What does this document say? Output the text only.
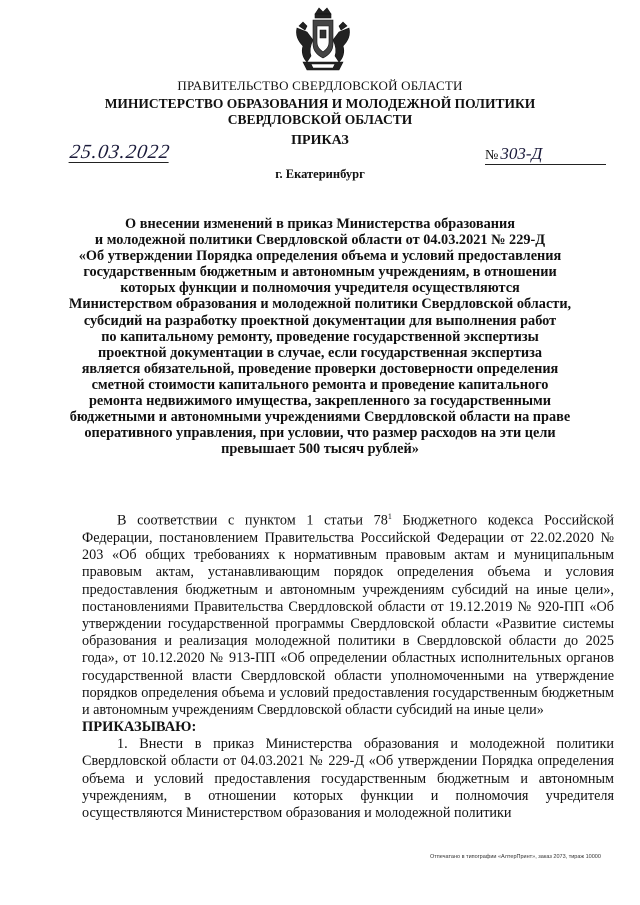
ПРАВИТЕЛЬСТВО СВЕРДЛОВСКОЙ ОБЛАСТИ
МИНИСТЕРСТВО ОБРАЗОВАНИЯ И МОЛОДЕЖНОЙ ПОЛИТИКИ
СВЕРДЛОВСКОЙ ОБЛАСТИ
ПРИКАЗ
25.03.2022	№ 303-Д
г. Екатеринбург
О внесении изменений в приказ Министерства образования
и молодежной политики Свердловской области от 04.03.2021 № 229-Д
«Об утверждении Порядка определения объема и условий предоставления
государственным бюджетным и автономным учреждениям, в отношении
которых функции и полномочия учредителя осуществляются
Министерством образования и молодежной политики Свердловской области,
субсидий на разработку проектной документации для выполнения работ
по капитальному ремонту, проведение государственной экспертизы
проектной документации в случае, если государственная экспертиза
является обязательной, проведение проверки достоверности определения
сметной стоимости капитального ремонта и проведение капитального
ремонта недвижимого имущества, закрепленного за государственными
бюджетными и автономными учреждениями Свердловской области на праве
оперативного управления, при условии, что размер расходов на эти цели
превышает 500 тысяч рублей»

В соответствии с пунктом 1 статьи $78^1$ Бюджетного кодекса Российской Федерации, постановлением Правительства Российской Федерации от 22.02.2020 № 203 «Об общих требованиях к нормативным правовым актам и муниципальным правовым актам, устанавливающим порядок определения объема и условия предоставления бюджетным и автономным учреждениям субсидий на иные цели», постановлениями Правительства Свердловской области от 19.12.2019 № 920-ПП «Об утверждении государственной программы Свердловской области «Развитие системы образования и реализация молодежной политики в Свердловской области до 2025 года», от 10.12.2020 № 913-ПП «Об определении областных исполнительных органов государственной власти Свердловской области уполномоченными на утверждение порядков определения объема и условий предоставления государственным бюджетным и автономным учреждениям Свердловской области субсидий на иные цели»

ПРИКАЗЫВАЮ:

1. Внести в приказ Министерства образования и молодежной политики Свердловской области от 04.03.2021 № 229-Д «Об утверждении Порядка определения объема и условий предоставления государственным бюджетным и автономным учреждениям, в отношении которых функции и полномочия учредителя осуществляются Министерством образования и молодежной политики

Отпечатано в типографии «АлтерПринт», заказ 2073, тираж 10000
